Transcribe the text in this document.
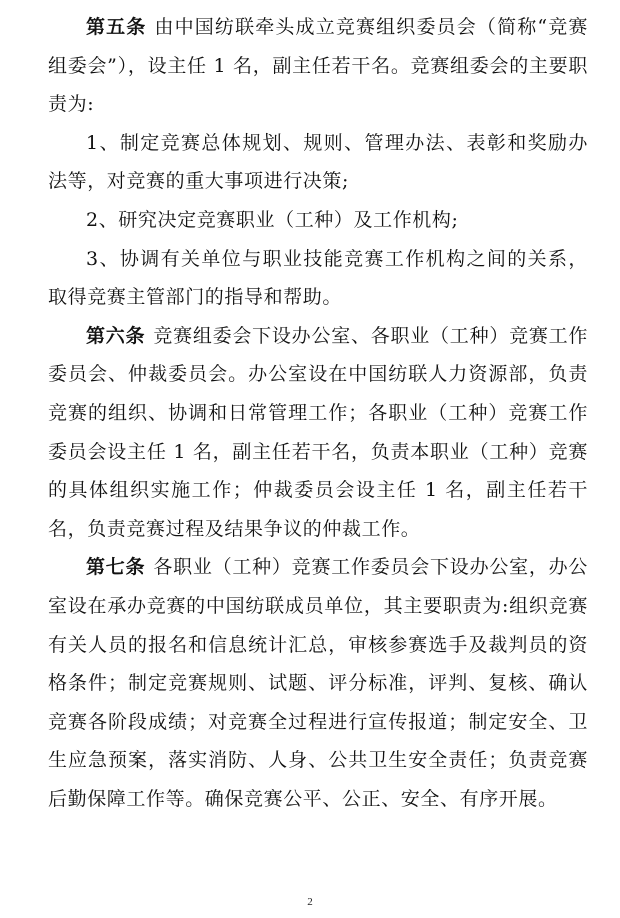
第五条 由中国纺联牵头成立竞赛组织委员会（简称“竞赛组委会”），设主任 1 名，副主任若干名。竞赛组委会的主要职责为:

1、制定竞赛总体规划、规则、管理办法、表彰和奖励办法等，对竞赛的重大事项进行决策;

2、研究决定竞赛职业（工种）及工作机构;

3、协调有关单位与职业技能竞赛工作机构之间的关系，取得竞赛主管部门的指导和帮助。

第六条 竞赛组委会下设办公室、各职业（工种）竞赛工作委员会、仲裁委员会。办公室设在中国纺联人力资源部，负责竞赛的组织、协调和日常管理工作；各职业（工种）竞赛工作委员会设主任 1 名，副主任若干名，负责本职业（工种）竞赛的具体组织实施工作；仲裁委员会设主任 1 名，副主任若干名，负责竞赛过程及结果争议的仲裁工作。

第七条 各职业（工种）竞赛工作委员会下设办公室，办公室设在承办竞赛的中国纺联成员单位，其主要职责为:组织竞赛有关人员的报名和信息统计汇总，审核参赛选手及裁判员的资格条件；制定竞赛规则、试题、评分标准，评判、复核、确认竞赛各阶段成绩；对竞赛全过程进行宣传报道；制定安全、卫生应急预案，落实消防、人身、公共卫生安全责任；负责竞赛后勤保障工作等。确保竞赛公平、公正、安全、有序开展。

2
